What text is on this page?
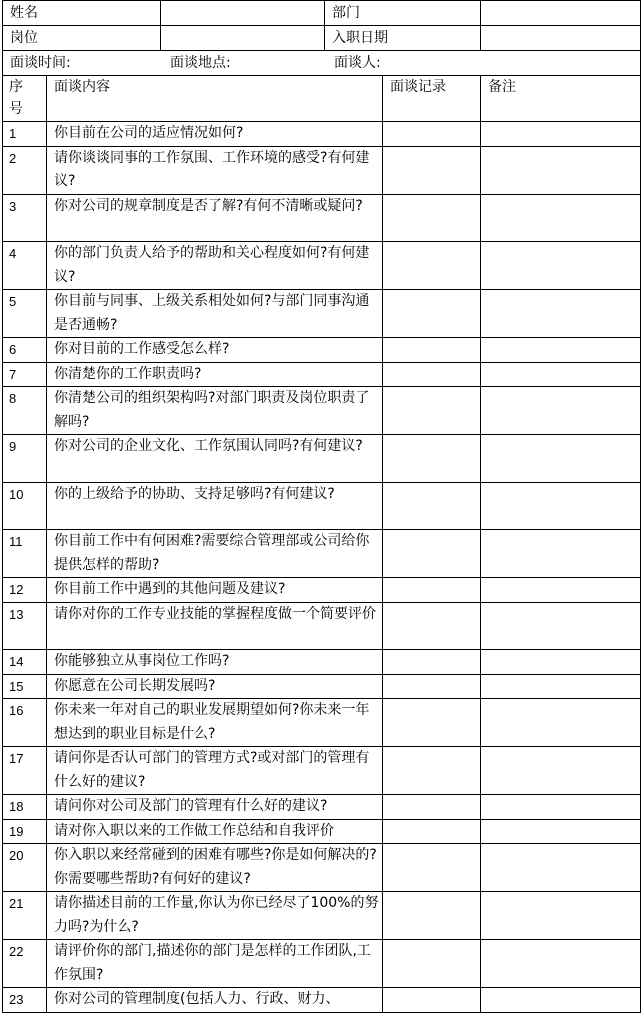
姓名			部门		
岗位			入职日期		
面谈时间: 面谈地点: 面谈人:					

序号	面谈内容			面谈记录	备注
1	你目前在公司的适应情况如何?				
2	请你谈谈同事的工作氛围、工作环境的感受?有何建议?				
3	你对公司的规章制度是否了解?有何不清晰或疑问?				
4	你的部门负责人给予的帮助和关心程度如何?有何建议?				
5	你目前与同事、上级关系相处如何?与部门同事沟通是否通畅?				
6	你对目前的工作感受怎么样?				
7	你清楚你的工作职责吗?				
8	你清楚公司的组织架构吗?对部门职责及岗位职责了解吗?				
9	你对公司的企业文化、工作氛围认同吗?有何建议?				
10	你的上级给予的协助、支持足够吗?有何建议?				
11	你目前工作中有何困难?需要综合管理部或公司给你提供怎样的帮助?				
12	你目前工作中遇到的其他问题及建议?				
13	请你对你的工作专业技能的掌握程度做一个简要评价				
14	你能够独立从事岗位工作吗?				
15	你愿意在公司长期发展吗?				
16	你未来一年对自己的职业发展期望如何?你未来一年想达到的职业目标是什么?				
17	请问你是否认可部门的管理方式?或对部门的管理有什么好的建议?				
18	请问你对公司及部门的管理有什么好的建议?				
19	请对你入职以来的工作做工作总结和自我评价				
20	你入职以来经常碰到的困难有哪些?你是如何解决的?你需要哪些帮助?有何好的建议?				
21	请你描述目前的工作量,你认为你已经尽了100%的努力吗?为什么?				
22	请评价你的部门,描述你的部门是怎样的工作团队,工作氛围?				
23	你对公司的管理制度(包括人力、行政、财力、				
